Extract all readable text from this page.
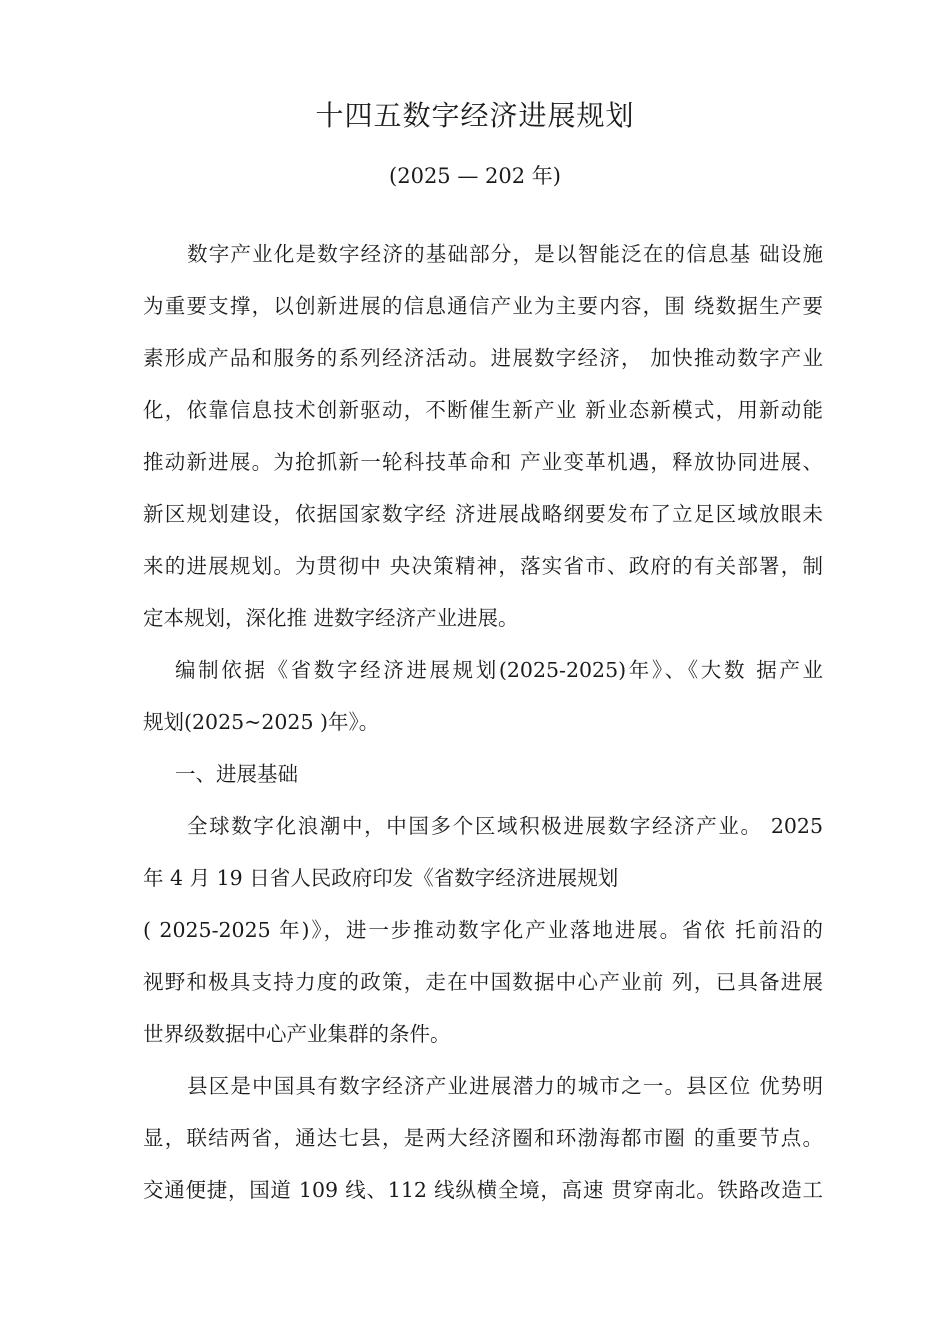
十四五数字经济进展规划
(2025 — 202 年)
数字产业化是数字经济的基础部分，是以智能泛在的信息基 础设施
为重要支撑，以创新进展的信息通信产业为主要内容，围 绕数据生产要
素形成产品和服务的系列经济活动。进展数字经济， 加快推动数字产业
化，依靠信息技术创新驱动，不断催生新产业 新业态新模式，用新动能
推动新进展。为抢抓新一轮科技革命和 产业变革机遇，释放协同进展、
新区规划建设，依据国家数字经 济进展战略纲要发布了立足区域放眼未
来的进展规划。为贯彻中 央决策精神，落实省市、政府的有关部署，制
定本规划，深化推 进数字经济产业进展。
编制依据《省数字经济进展规划(2025-2025)年》、《大数 据产业
规划(2025~2025 )年》。
一、进展基础
全球数字化浪潮中，中国多个区域积极进展数字经济产业。 2025
年 4 月 19 日省人民政府印发《省数字经济进展规划
( 2025-2025 年)》，进一步推动数字化产业落地进展。省依 托前沿的
视野和极具支持力度的政策，走在中国数据中心产业前 列，已具备进展
世界级数据中心产业集群的条件。
县区是中国具有数字经济产业进展潜力的城市之一。县区位 优势明
显，联结两省，通达七县，是两大经济圈和环渤海都市圈 的重要节点。
交通便捷，国道 109 线、112 线纵横全境，高速 贯穿南北。铁路改造工
